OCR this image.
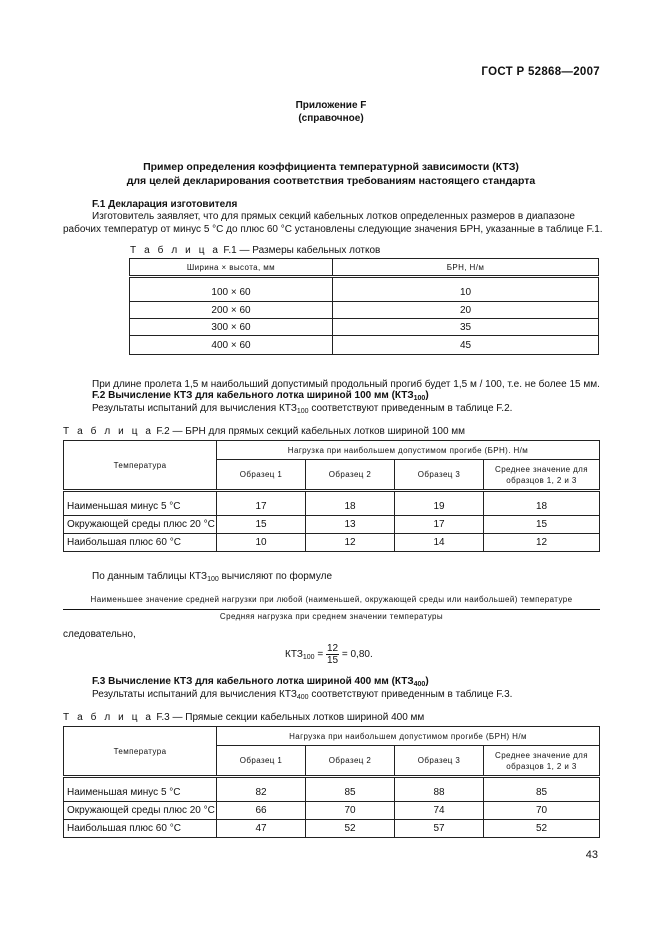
ГОСТ Р 52868—2007
Приложение F
(справочное)
Пример определения коэффициента температурной зависимости (КТЗ)
для целей декларирования соответствия требованиям настоящего стандарта
F.1 Декларация изготовителя
Изготовитель заявляет, что для прямых секций кабельных лотков определенных размеров в диапазоне
рабочих температур от минус 5 °С до плюс 60 °С установлены следующие значения БРН, указанные в таблице F.1.
Т а б л и ц а F.1 — Размеры кабельных лотков
Ширина × высота, мм	БРН, Н/м

100 × 60	10
200 × 60	20
300 × 60	35
400 × 60	45
При длине пролета 1,5 м наибольший допустимый продольный прогиб будет 1,5 м / 100, т.е. не более 15 мм.
F.2 Вычисление КТЗ для кабельного лотка шириной 100 мм $(КТЗ_{100})$
Результаты испытаний для вычисления $КТЗ_{100}$ соответствуют приведенным в таблице F.2.
Т а б л и ц а F.2 — БРН для прямых секций кабельных лотков шириной 100 мм
Температура	Нагрузка при наибольшем допустимом прогибе (БРН). Н/м			
	Образец 1	Образец 2	Образец 3	Среднее значение для образцов 1, 2 и 3

Наименьшая минус 5 °С	17	18	19	18
Окружающей среды плюс 20 °С	15	13	17	15
Наибольшая плюс 60 °С	10	12	14	12
По данным таблицы $КТЗ_{100}$ вычисляют по формуле
Наименьшее значение средней нагрузки при любой (наименьшей, окружающей среды или наибольшей) температуре
Средняя нагрузка при среднем значении температуры
следовательно,
$КТЗ_{100} = \frac{12}{15} = 0,80$.
F.3 Вычисление КТЗ для кабельного лотка шириной 400 мм $(КТЗ_{400})$
Результаты испытаний для вычисления $КТЗ_{400}$ соответствуют приведенным в таблице F.3.
Т а б л и ц а F.3 — Прямые секции кабельных лотков шириной 400 мм
Температура	Нагрузка при наибольшем допустимом прогибе (БРН) Н/м			
	Образец 1	Образец 2	Образец 3	Среднее значение для образцов 1, 2 и 3

Наименьшая минус 5 °С	82	85	88	85
Окружающей среды плюс 20 °С	66	70	74	70
Наибольшая плюс 60 °С	47	52	57	52
43
